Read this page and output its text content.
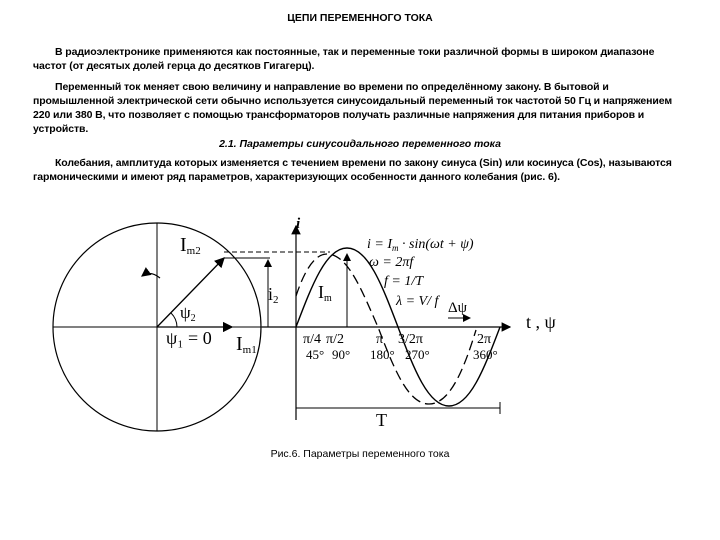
ЦЕПИ ПЕРЕМЕННОГО ТОКА

В радиоэлектронике применяются как постоянные, так и переменные токи различной формы в широком диапазоне частот (от десятых долей герца до десятков Гигагерц).

Переменный ток меняет свою величину и направление во времени по определённому закону. В бытовой и промышленной электрической сети обычно используется синусоидальный переменный ток частотой 50 Гц и напряжением 220 или 380 В, что позволяет с помощью трансформаторов получать различные напряжения для питания приборов и устройств.

2.1. Параметры синусоидального переменного тока

Колебания, амплитуда которых изменяется с течением времени по закону синуса (Sin) или косинуса (Cos), называются гармоническими и имеют ряд параметров, характеризующих особенности данного колебания (рис. 6).

Im2
i
i2
ψ2
ψ₁ = 0 Im1
Im
$i = I_m \cdot \sin(\omega t + \psi)$
ω = 2πf
f = 1/T
λ = V/ f Δψ
t , ψ
π/4 π/2 π 3/2π	2π
45° 90° 180° 270°	360°
T
Рис.6. Параметры переменного тока
